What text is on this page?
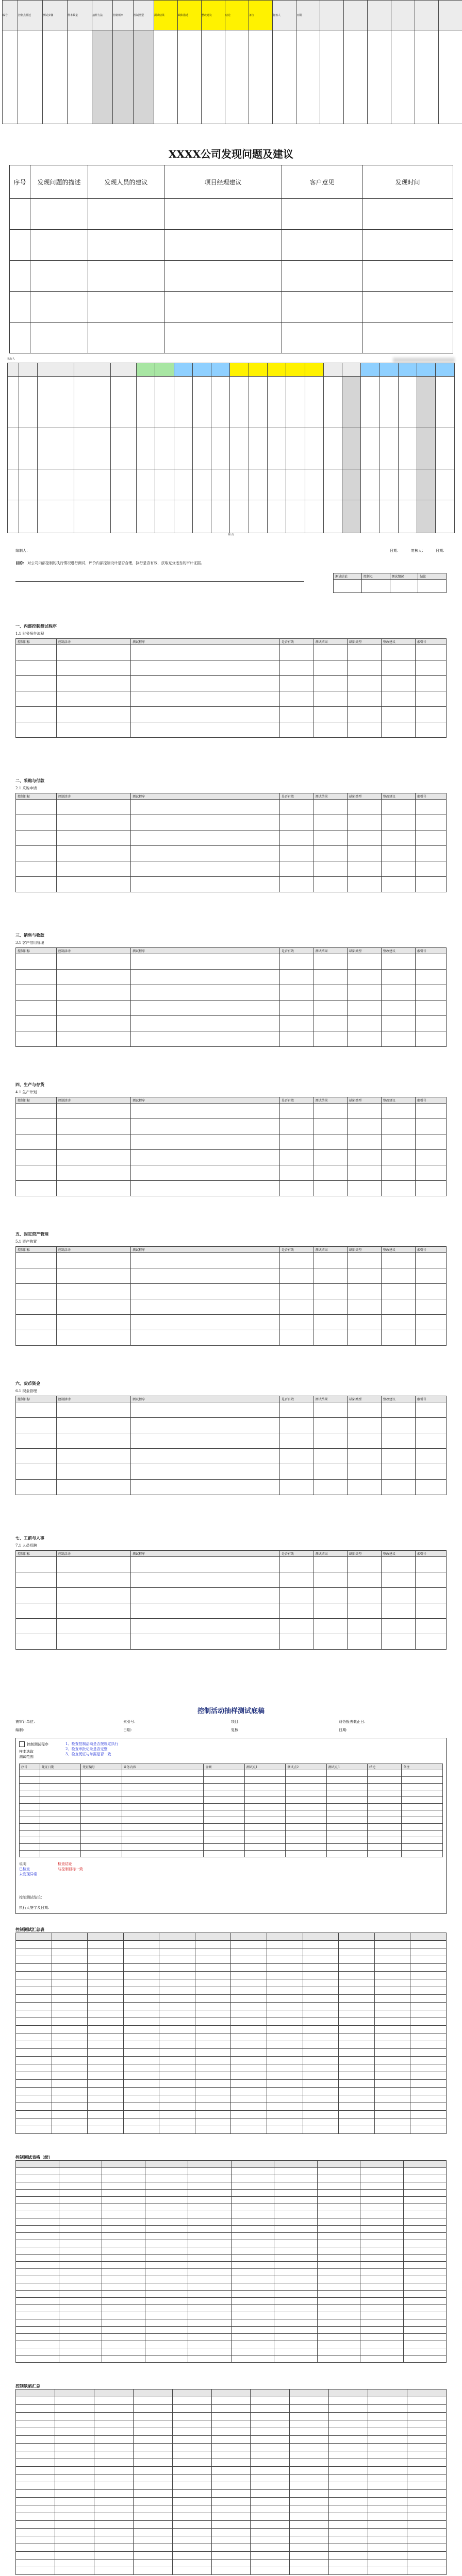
编号	控制点描述	测试步骤	样本数量	抽样方法	控制频率	控制类型	测试结果	缺陷描述	整改建议	结论	备注	复核人	日期						

XXXX公司发现问题及建议
序号	发现问题的描述	发现人员的建议	项目经理建议	客户意见	发现时间

执行人

第 页
编制人：	日期：	复核人：	日期：
目的： 对公司内部控制的执行情况进行测试，评价内部控制设计是否合理，执行是否有效，获取充分适当的审计证据。
测试结论	控制点	测试情况	结论

一、内部控制测试程序
1.1 财务报告流程
控制目标	控制活动	测试程序	是否有效	测试结果	缺陷类型	整改建议	索引号

二、采购与付款
2.1 采购申请
控制目标	控制活动	测试程序	是否有效	测试结果	缺陷类型	整改建议	索引号

三、销售与收款
3.1 客户信用管理
控制目标	控制活动	测试程序	是否有效	测试结果	缺陷类型	整改建议	索引号

四、生产与存货
4.1 生产计划
控制目标	控制活动	测试程序	是否有效	测试结果	缺陷类型	整改建议	索引号

五、固定资产管理
5.1 资产购置
控制目标	控制活动	测试程序	是否有效	测试结果	缺陷类型	整改建议	索引号

六、货币资金
6.1 现金管理
控制目标	控制活动	测试程序	是否有效	测试结果	缺陷类型	整改建议	索引号

七、工薪与人事
7.1 人员招聘
控制目标	控制活动	测试程序	是否有效	测试结果	缺陷类型	整改建议	索引号

控制活动抽样测试底稿
被审计单位：	索引号：	项目：	财务报表截止日：
编制：	日期：	复核：	日期：
控制测试程序
样本选取
测试范围
1、检查控制活动是否按规定执行
2、检查审批记录是否完整
3、检查凭证与单据是否一致
序号	凭证日期	凭证编号	业务内容	金额	测试点1	测试点2	测试点3	结论	备注

说明
已检查
未发现异常
检查结论
与控制目标一致
控制测试结论：
执行人签字及日期：
控制测试汇总表

控制测试表格（续）

控制缺陷汇总
